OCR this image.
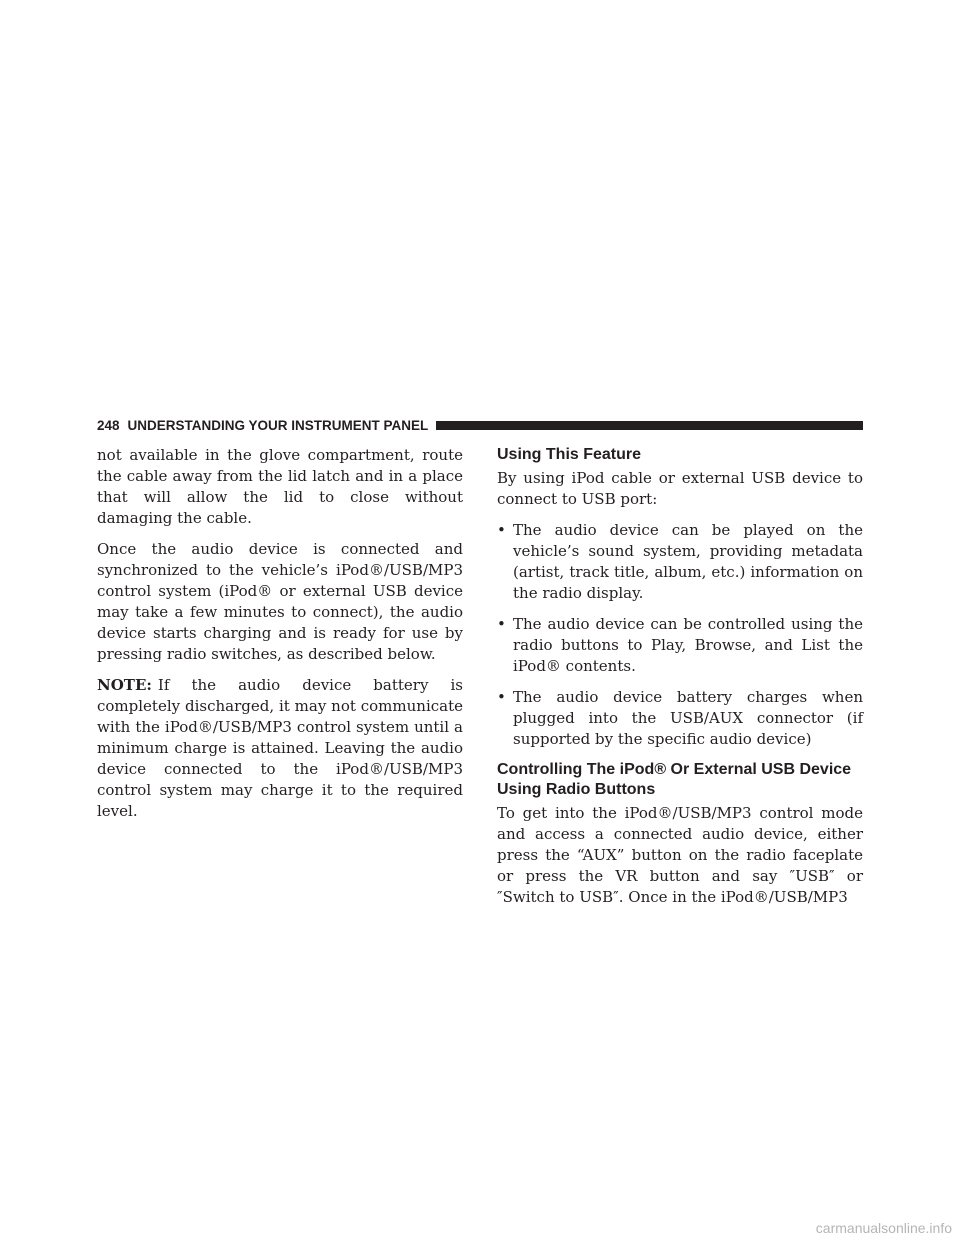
248 UNDERSTANDING YOUR INSTRUMENT PANEL

not available in the glove compartment, route the cable away from the lid latch and in a place that will allow the lid to close without damaging the cable.

Once the audio device is connected and synchronized to the vehicle’s iPod®/USB/MP3 control system (iPod® or external USB device may take a few minutes to connect), the audio device starts charging and is ready for use by pressing radio switches, as described below.

NOTE: If the audio device battery is completely discharged, it may not communicate with the iPod®/USB/MP3 control system until a minimum charge is attained. Leaving the audio device connected to the iPod®/USB/MP3 control system may charge it to the required level.

Using This Feature

By using iPod cable or external USB device to connect to USB port:

• The audio device can be played on the vehicle’s sound system, providing metadata (artist, track title, album, etc.) information on the radio display.
• The audio device can be controlled using the radio buttons to Play, Browse, and List the iPod® contents.
• The audio device battery charges when plugged into the USB/AUX connector (if supported by the specific audio device)
Controlling The iPod® Or External USB Device Using Radio Buttons

To get into the iPod®/USB/MP3 control mode and access a connected audio device, either press the “AUX” button on the radio faceplate or press the VR button and say ″USB″ or ″Switch to USB″. Once in the iPod®/USB/MP3

carmanualsonline.info
